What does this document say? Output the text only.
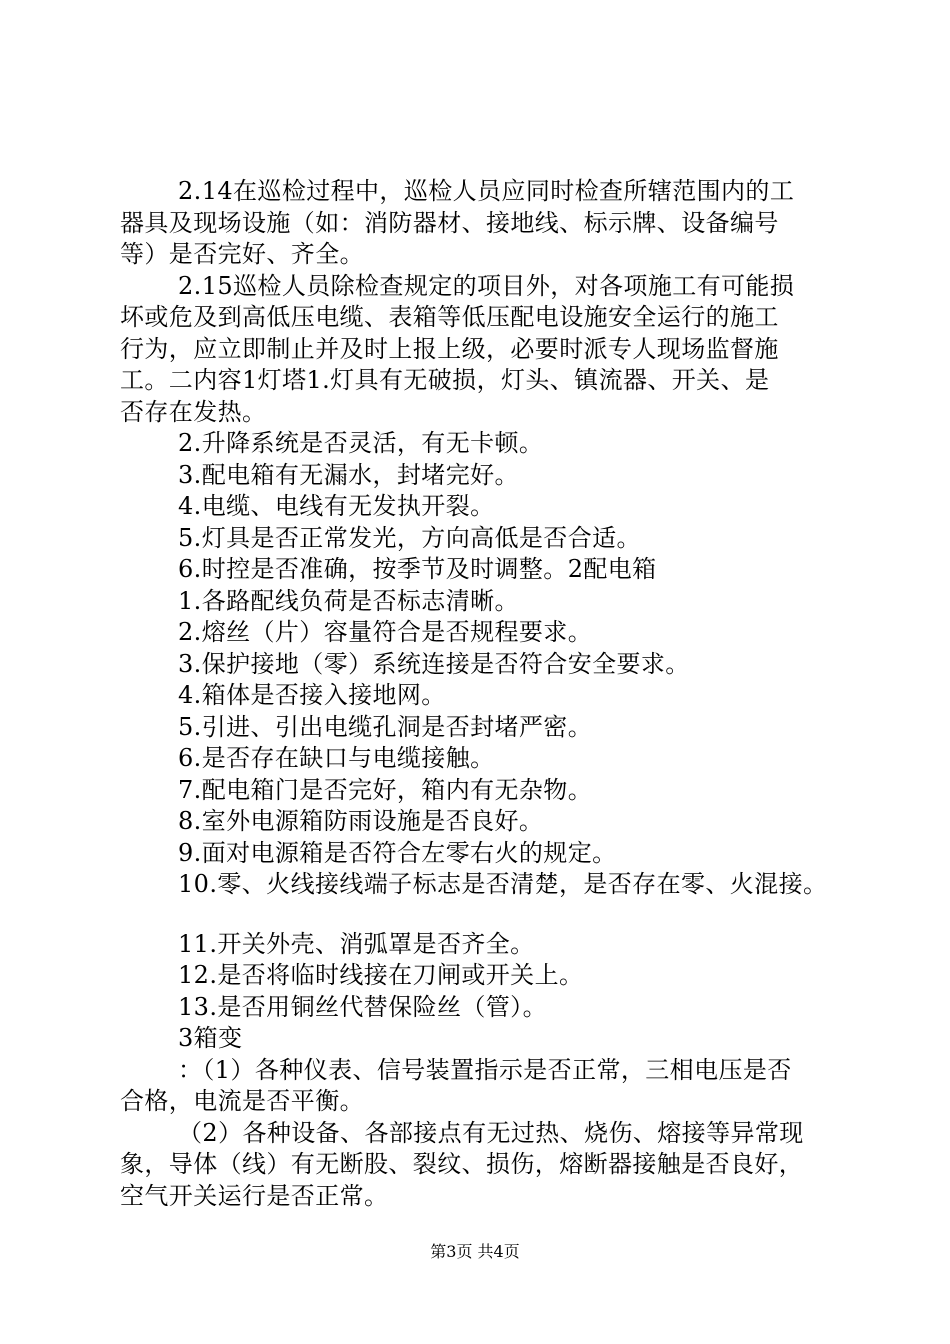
2.14在巡检过程中，巡检人员应同时检查所辖范围内的工
器具及现场设施（如：消防器材、接地线、标示牌、设备编号
等）是否完好、齐全。
2.15巡检人员除检查规定的项目外，对各项施工有可能损
坏或危及到高低压电缆、表箱等低压配电设施安全运行的施工
行为，应立即制止并及时上报上级，必要时派专人现场监督施
工。二内容1灯塔1.灯具有无破损，灯头、镇流器、开关、是
否存在发热。
2.升降系统是否灵活，有无卡顿。
3.配电箱有无漏水，封堵完好。
4.电缆、电线有无发执开裂。
5.灯具是否正常发光，方向高低是否合适。
6.时控是否准确，按季节及时调整。2配电箱
1.各路配线负荷是否标志清晰。
2.熔丝（片）容量符合是否规程要求。
3.保护接地（零）系统连接是否符合安全要求。
4.箱体是否接入接地网。
5.引进、引出电缆孔洞是否封堵严密。
6.是否存在缺口与电缆接触。
7.配电箱门是否完好，箱内有无杂物。
8.室外电源箱防雨设施是否良好。
9.面对电源箱是否符合左零右火的规定。
10.零、火线接线端子标志是否清楚，是否存在零、火混接。
11.开关外壳、消弧罩是否齐全。
12.是否将临时线接在刀闸或开关上。
13.是否用铜丝代替保险丝（管）。
3箱变
：（1）各种仪表、信号装置指示是否正常，三相电压是否
合格，电流是否平衡。
（2）各种设备、各部接点有无过热、烧伤、熔接等异常现
象，导体（线）有无断股、裂纹、损伤，熔断器接触是否良好，
空气开关运行是否正常。
第3页 共4页
